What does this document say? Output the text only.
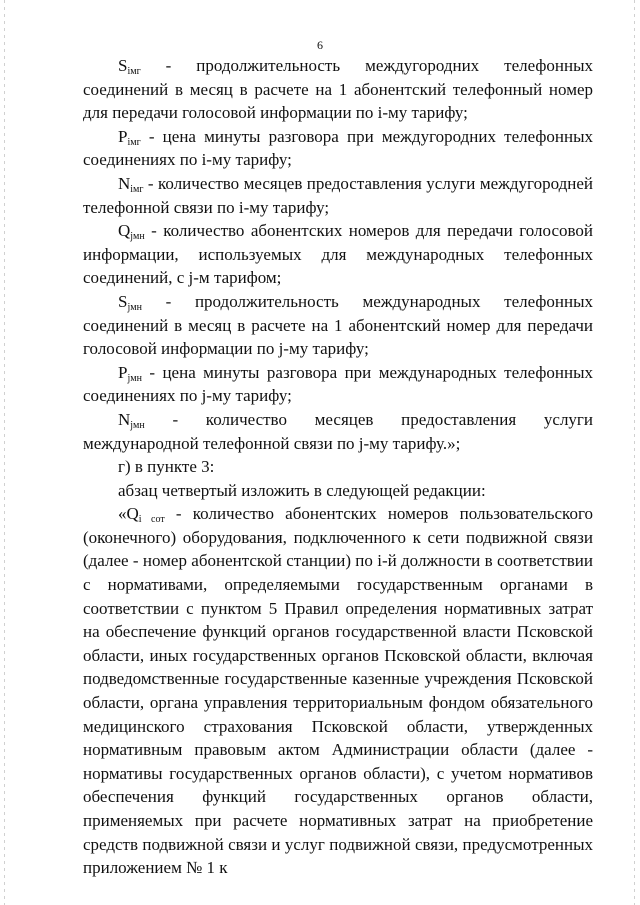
6

$S_{iмг}$ - продолжительность междугородних телефонных соединений в месяц в расчете на 1 абонентский телефонный номер для передачи голосовой информации по i-му тарифу;

$P_{iмг}$ - цена минуты разговора при междугородних телефонных соединениях по i-му тарифу;

$N_{iмг}$ - количество месяцев предоставления услуги междугородней телефонной связи по i-му тарифу;

$Q_{jмн}$ - количество абонентских номеров для передачи голосовой информации, используемых для международных телефонных соединений, с j-м тарифом;

$S_{jмн}$ - продолжительность международных телефонных соединений в месяц в расчете на 1 абонентский номер для передачи голосовой информации по j-му тарифу;

$P_{jмн}$ - цена минуты разговора при международных телефонных соединениях по j-му тарифу;

$N_{jмн}$ - количество месяцев предоставления услуги международной телефонной связи по j-му тарифу.»;

г) в пункте 3:

абзац четвертый изложить в следующей редакции:

«$Q_{i сот}$ - количество абонентских номеров пользовательского (оконечного) оборудования, подключенного к сети подвижной связи (далее - номер абонентской станции) по i-й должности в соответствии с нормативами, определяемыми государственным органами в соответствии с пунктом 5 Правил определения нормативных затрат на обеспечение функций органов государственной власти Псковской области, иных государственных органов Псковской области, включая подведомственные государственные казенные учреждения Псковской области, органа управления территориальным фондом обязательного медицинского страхования Псковской области, утвержденных нормативным правовым актом Администрации области (далее - нормативы государственных органов области), с учетом нормативов обеспечения функций государственных органов области, применяемых при расчете нормативных затрат на приобретение средств подвижной связи и услуг подвижной связи, предусмотренных приложением № 1 к
